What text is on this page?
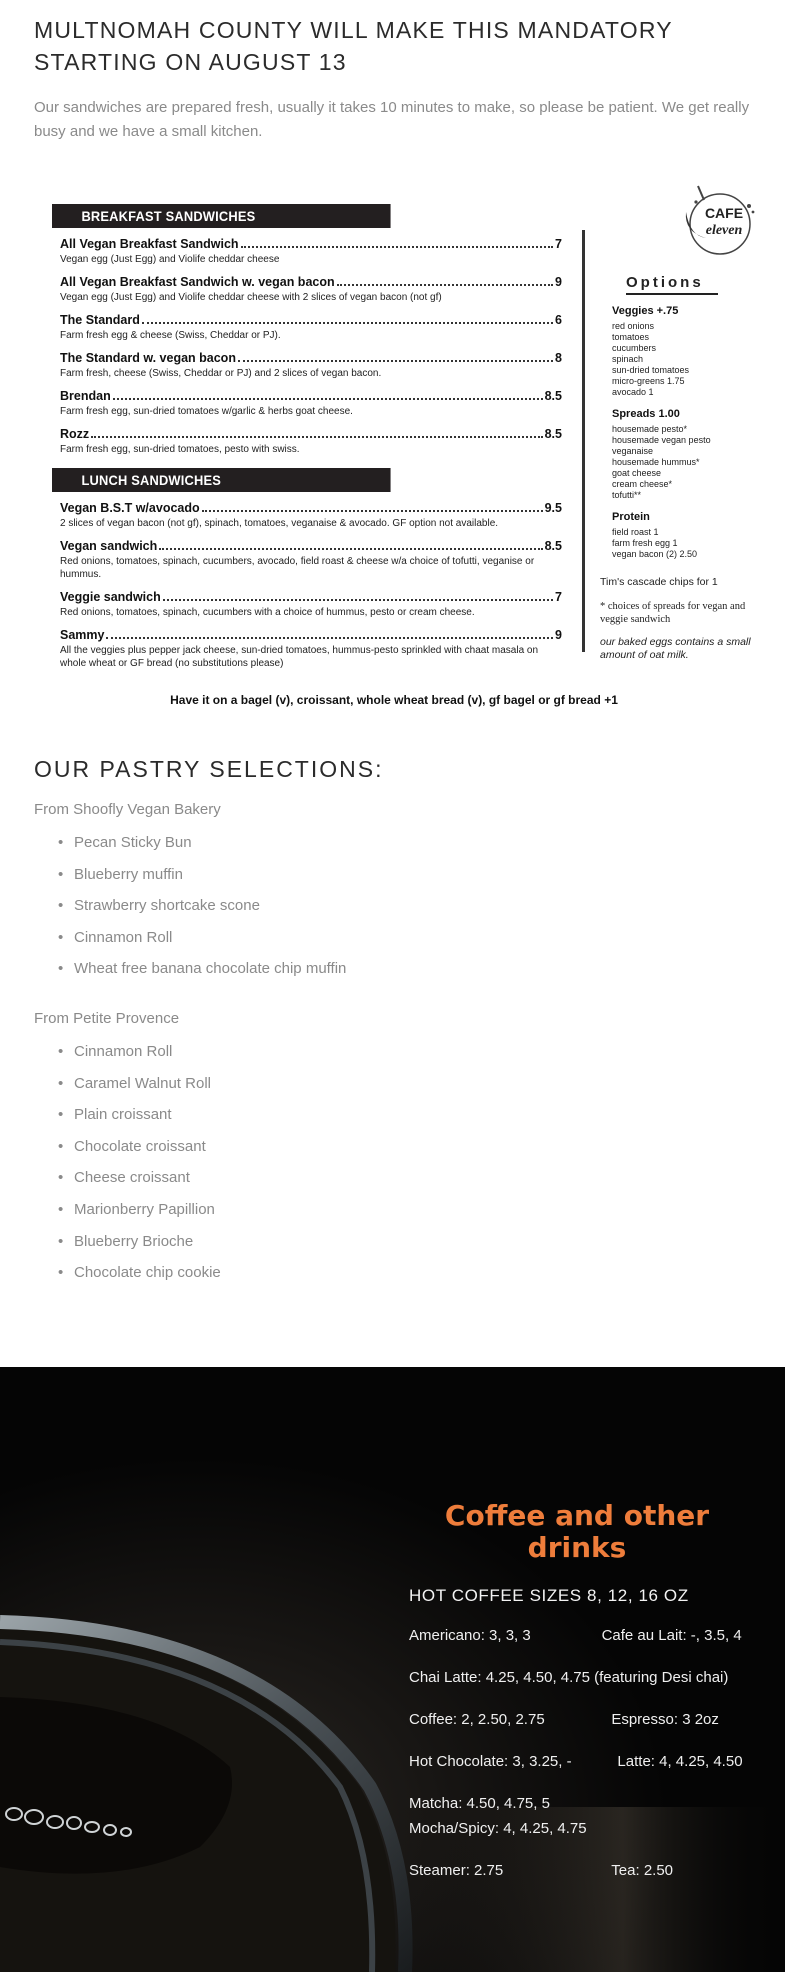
MULTNOMAH COUNTY WILL MAKE THIS MANDATORY STARTING ON AUGUST 13

Our sandwiches are prepared fresh, usually it takes 10 minutes to make, so please be patient. We get really busy and we have a small kitchen.

BREAKFAST SANDWICHES
All Vegan Breakfast Sandwich	7
Vegan egg (Just Egg) and Violife cheddar cheese
All Vegan Breakfast Sandwich w. vegan bacon	9
Vegan egg (Just Egg) and Violife cheddar cheese with 2 slices of vegan bacon (not gf)
The Standard	6
Farm fresh egg & cheese (Swiss, Cheddar or PJ).
The Standard w. vegan bacon	8
Farm fresh, cheese (Swiss, Cheddar or PJ) and 2 slices of vegan bacon.
Brendan	8.5
Farm fresh egg, sun-dried tomatoes w/garlic & herbs goat cheese.
Rozz	8.5
Farm fresh egg, sun-dried tomatoes, pesto with swiss.
LUNCH SANDWICHES
Vegan B.S.T w/avocado	9.5
2 slices of vegan bacon (not gf), spinach, tomatoes, veganaise & avocado. GF option not available.
Vegan sandwich	8.5
Red onions, tomatoes, spinach, cucumbers, avocado, field roast & cheese w/a choice of tofutti, veganise or hummus.
Veggie sandwich	7
Red onions, tomatoes, spinach, cucumbers with a choice of hummus, pesto or cream cheese.
Sammy	9
All the veggies plus pepper jack cheese, sun-dried tomatoes, hummus-pesto sprinkled with chaat masala on whole wheat or GF bread (no substitutions please)
CAFE
eleven
Options
Veggies +.75
red onions
tomatoes
cucumbers
spinach
sun-dried tomatoes
micro-greens 1.75
avocado 1
Spreads 1.00
housemade pesto*
housemade vegan pesto
veganaise
housemade hummus*
goat cheese
cream cheese*
tofutti**
Protein
field roast 1
farm fresh egg 1
vegan bacon (2) 2.50
Tim's cascade chips for 1
* choices of spreads for vegan and veggie sandwich
our baked eggs contains a small amount of oat milk.
Have it on a bagel (v), croissant, whole wheat bread (v), gf bagel or gf bread +1
OUR PASTRY SELECTIONS:

From Shoofly Vegan Bakery

• Pecan Sticky Bun
• Blueberry muffin
• Strawberry shortcake scone
• Cinnamon Roll
• Wheat free banana chocolate chip muffin

From Petite Provence

• Cinnamon Roll
• Caramel Walnut Roll
• Plain croissant
• Chocolate croissant
• Cheese croissant
• Marionberry Papillion
• Blueberry Brioche
• Chocolate chip cookie
Coffee and other drinks
HOT COFFEE SIZES 8, 12, 16 OZ

Americano: 3, 3, 3                 Cafe au Lait: -, 3.5, 4

Chai Latte: 4.25, 4.50, 4.75 (featuring Desi chai)

Coffee: 2, 2.50, 2.75                Espresso: 3 2oz

Hot Chocolate: 3, 3.25, -           Latte: 4, 4.25, 4.50

Matcha: 4.50, 4.75, 5
Mocha/Spicy: 4, 4.25, 4.75

Steamer: 2.75                          Tea: 2.50
